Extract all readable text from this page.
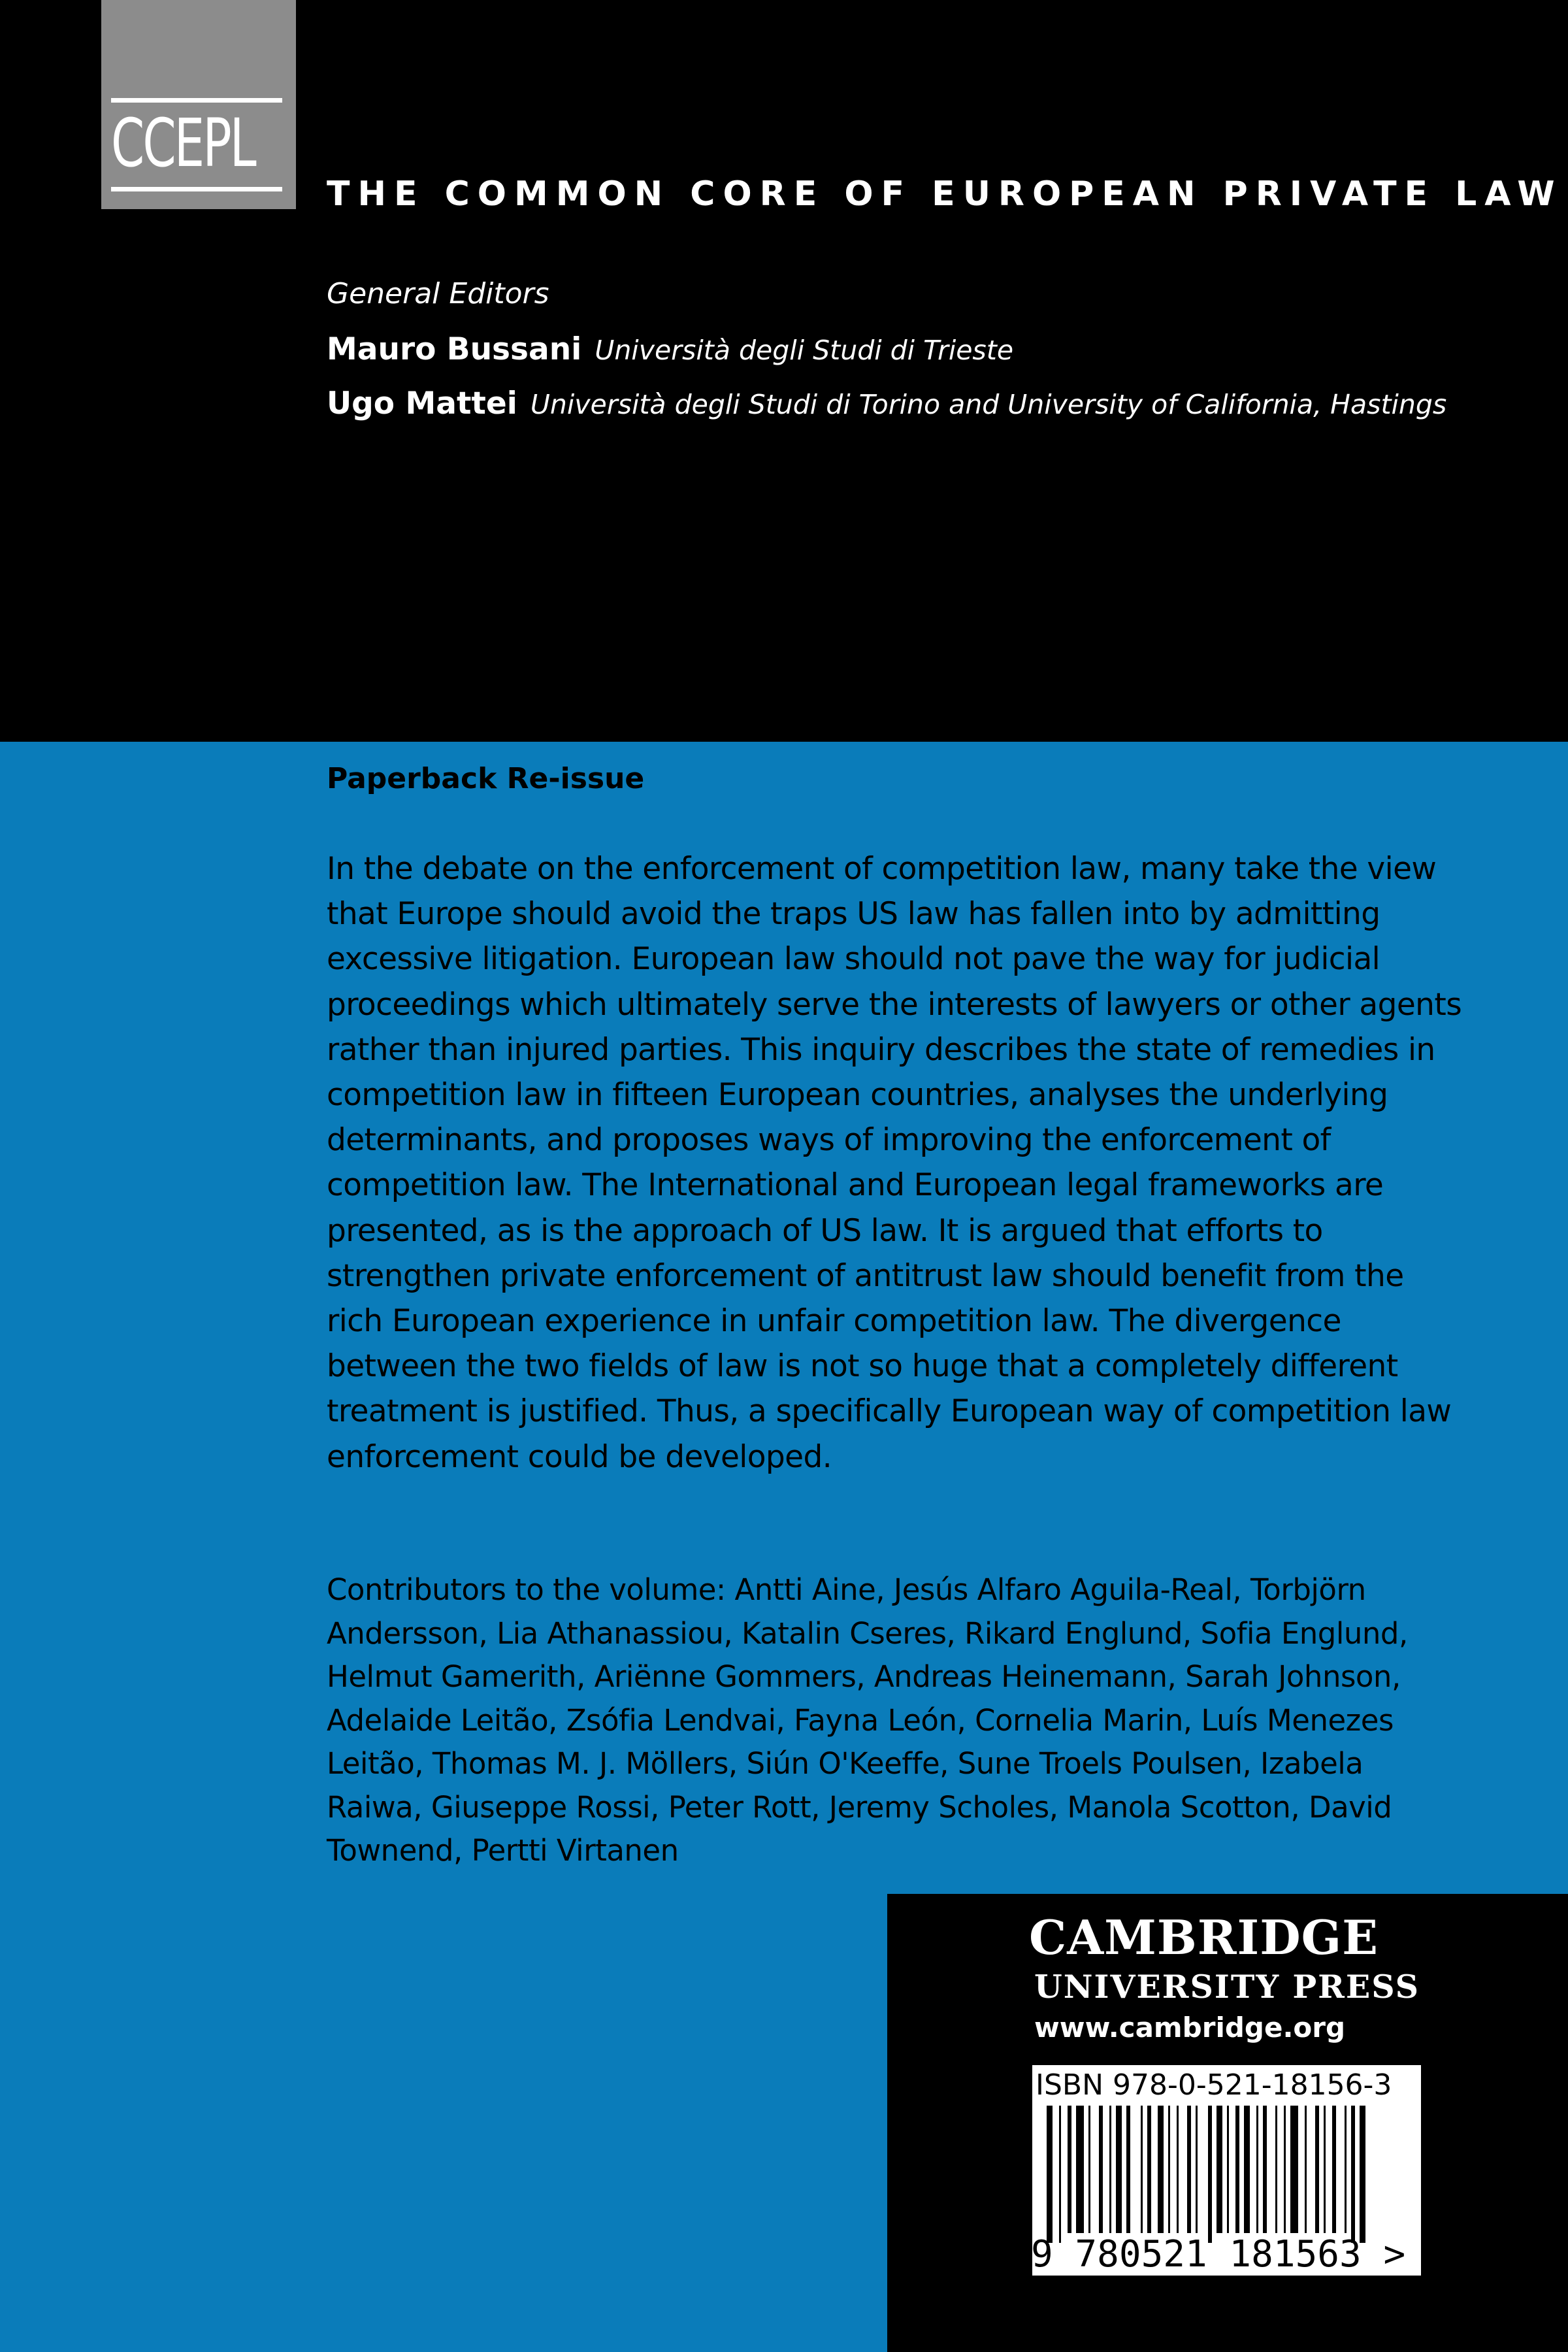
CCEPL
THE COMMON CORE OF EUROPEAN PRIVATE LAW
General Editors
Mauro Bussani Università degli Studi di Trieste
Ugo Mattei Università degli Studi di Torino and University of California, Hastings
Paperback Re-issue

In the debate on the enforcement of competition law, many take the view that Europe should avoid the traps US law has fallen into by admitting excessive litigation. European law should not pave the way for judicial proceedings which ultimately serve the interests of lawyers or other agents rather than injured parties. This inquiry describes the state of remedies in competition law in fifteen European countries, analyses the underlying determinants, and proposes ways of improving the enforcement of competition law. The International and European legal frameworks are presented, as is the approach of US law. It is argued that efforts to strengthen private enforcement of antitrust law should benefit from the rich European experience in unfair competition law. The divergence between the two fields of law is not so huge that a completely different treatment is justified. Thus, a specifically European way of competition law enforcement could be developed.

Contributors to the volume: Antti Aine, Jesús Alfaro Aguila-Real, Torbjörn Andersson, Lia Athanassiou, Katalin Cseres, Rikard Englund, Sofia Englund, Helmut Gamerith, Ariënne Gommers, Andreas Heinemann, Sarah Johnson, Adelaide Leitão, Zsófia Lendvai, Fayna León, Cornelia Marin, Luís Menezes Leitão, Thomas M. J. Möllers, Siún O'Keeffe, Sune Troels Poulsen, Izabela Raiwa, Giuseppe Rossi, Peter Rott, Jeremy Scholes, Manola Scotton, David Townend, Pertti Virtanen

CAMBRIDGE
UNIVERSITY PRESS
www.cambridge.org
ISBN 978-0-521-18156-3
9 780521 181563 >
